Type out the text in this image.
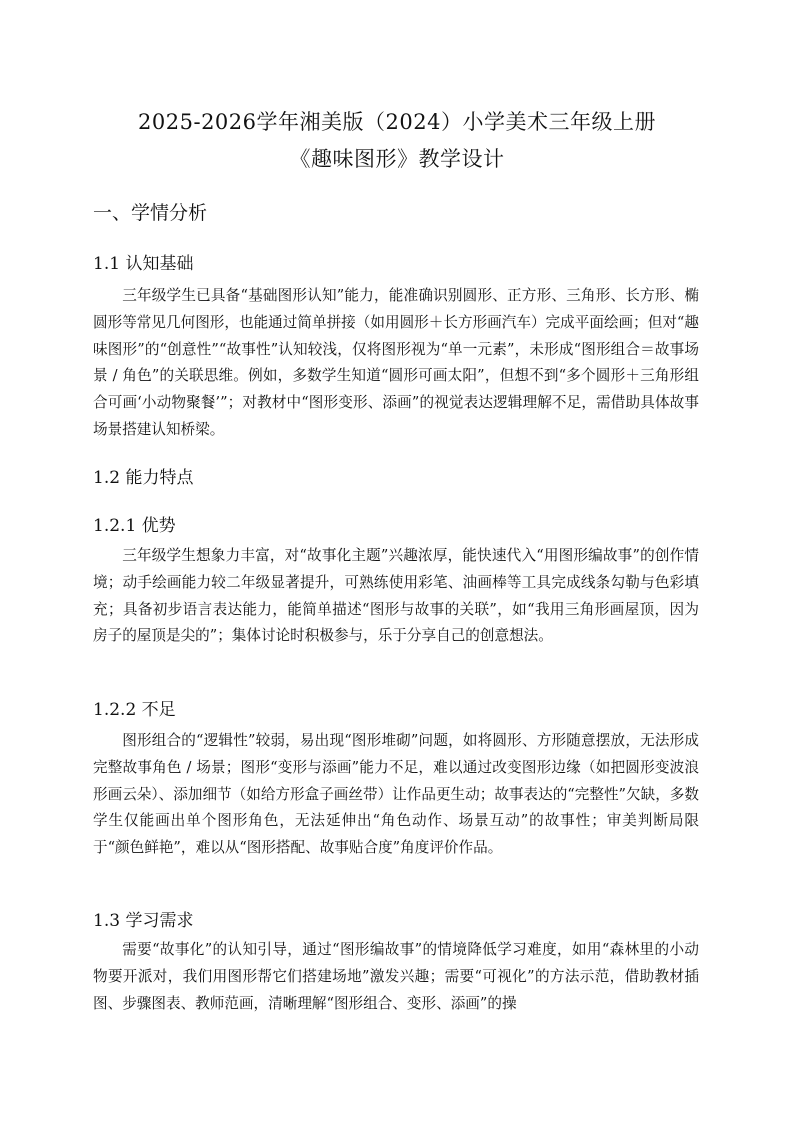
2025-2026学年湘美版（2024）小学美术三年级上册
《趣味图形》教学设计
一、学情分析
1.1 认知基础

三年级学生已具备“基础图形认知”能力，能准确识别圆形、正方形、三角形、长方形、椭圆形等常见几何图形，也能通过简单拼接（如用圆形＋长方形画汽车）完成平面绘画；但对“趣味图形”的“创意性”“故事性”认知较浅，仅将图形视为“单一元素”，未形成“图形组合＝故事场景 / 角色”的关联思维。例如，多数学生知道“圆形可画太阳”，但想不到“多个圆形＋三角形组合可画‘小动物聚餐’”；对教材中“图形变形、添画”的视觉表达逻辑理解不足，需借助具体故事场景搭建认知桥梁。

1.2 能力特点
1.2.1 优势

三年级学生想象力丰富，对“故事化主题”兴趣浓厚，能快速代入“用图形编故事”的创作情境；动手绘画能力较二年级显著提升，可熟练使用彩笔、油画棒等工具完成线条勾勒与色彩填充；具备初步语言表达能力，能简单描述“图形与故事的关联”，如“我用三角形画屋顶，因为房子的屋顶是尖的”；集体讨论时积极参与，乐于分享自己的创意想法。

1.2.2 不足

图形组合的“逻辑性”较弱，易出现“图形堆砌”问题，如将圆形、方形随意摆放，无法形成完整故事角色 / 场景；图形“变形与添画”能力不足，难以通过改变图形边缘（如把圆形变波浪形画云朵）、添加细节（如给方形盒子画丝带）让作品更生动；故事表达的“完整性”欠缺，多数学生仅能画出单个图形角色，无法延伸出“角色动作、场景互动”的故事性；审美判断局限于“颜色鲜艳”，难以从“图形搭配、故事贴合度”角度评价作品。

1.3 学习需求

需要“故事化”的认知引导，通过“图形编故事”的情境降低学习难度，如用“森林里的小动物要开派对，我们用图形帮它们搭建场地”激发兴趣；需要“可视化”的方法示范，借助教材插图、步骤图表、教师范画，清晰理解“图形组合、变形、添画”的操
